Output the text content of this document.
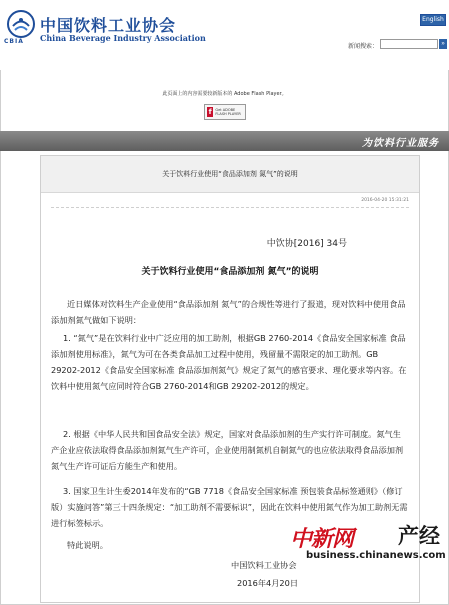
CBIA
中国饮料工业协会
China Beverage Industry Association
English
新闻搜索：	»
此页面上的内容需要较新版本的 Adobe Flash Player。
f	Get ADOBE FLASH PLAYER
为饮料行业服务
关于饮料行业使用“食品添加剂 氮气”的说明
2016-04-20 15:31:21
中饮协[2016] 34号
关于饮料行业使用“食品添加剂 氮气”的说明
近日媒体对饮料生产企业使用“食品添加剂 氮气”的合规性等进行了报道，现对饮料中使用食品添加剂氮气做如下说明：
1. “氮气”是在饮料行业中广泛应用的加工助剂，根据GB 2760-2014《食品安全国家标准 食品添加剂使用标准》，氮气为可在各类食品加工过程中使用，残留量不需限定的加工助剂。GB 29202-2012《食品安全国家标准 食品添加剂氮气》规定了氮气的感官要求、理化要求等内容。在饮料中使用氮气应同时符合GB 2760-2014和GB 29202-2012的规定。
2. 根据《中华人民共和国食品安全法》规定，国家对食品添加剂的生产实行许可制度。氮气生产企业应依法取得食品添加剂氮气生产许可，企业使用制氮机自制氮气的也应依法取得食品添加剂氮气生产许可证后方能生产和使用。
3. 国家卫生计生委2014年发布的“GB 7718《食品安全国家标准 预包装食品标签通则》（修订版）实施问答”第三十四条规定：“加工助剂不需要标识”，因此在饮料中使用氮气作为加工助剂无需进行标签标示。
特此说明。
中国饮料工业协会
2016年4月20日
中新网 产经
business.chinanews.com
